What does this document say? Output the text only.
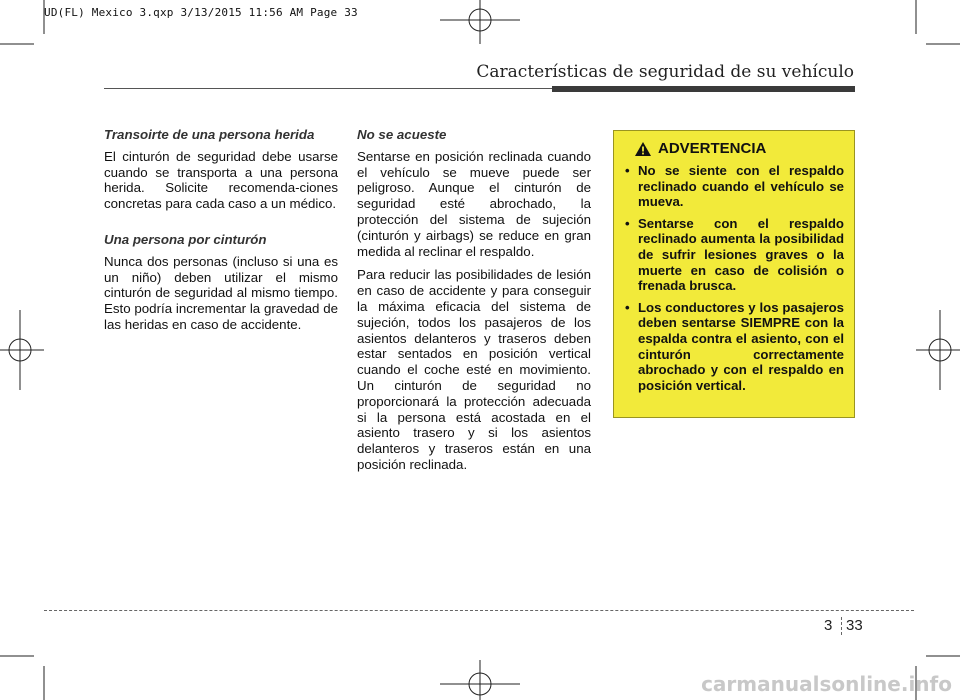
UD(FL) Mexico 3.qxp 3/13/2015 11:56 AM Page 33
Características de seguridad de su vehículo

Transoirte de una persona herida

El cinturón de seguridad debe usarse cuando se transporta a una persona herida. Solicite recomenda-ciones concretas para cada caso a un médico.

Una persona por cinturón

Nunca dos personas (incluso si una es un niño) deben utilizar el mismo cinturón de seguridad al mismo tiempo. Esto podría incrementar la gravedad de las heridas en caso de accidente.

No se acueste

Sentarse en posición reclinada cuando el vehículo se mueve puede ser peligroso. Aunque el cinturón de seguridad esté abrochado, la protección del sistema de sujeción (cinturón y airbags) se reduce en gran medida al reclinar el respaldo.

Para reducir las posibilidades de lesión en caso de accidente y para conseguir la máxima eficacia del sistema de sujeción, todos los pasajeros de los asientos delanteros y traseros deben estar sentados en posición vertical cuando el coche esté en movimiento. Un cinturón de seguridad no proporcionará la protección adecuada si la persona está acostada en el asiento trasero y si los asientos delanteros y traseros están en una posición reclinada.

ADVERTENCIA
• No se siente con el respaldo reclinado cuando el vehículo se mueva.
• Sentarse con el respaldo reclinado aumenta la posibilidad de sufrir lesiones graves o la muerte en caso de colisión o frenada brusca.
• Los conductores y los pasajeros deben sentarse SIEMPRE con la espalda contra el asiento, con el cinturón correctamente abrochado y con el respaldo en posición vertical.
3 33
carmanualsonline.info
